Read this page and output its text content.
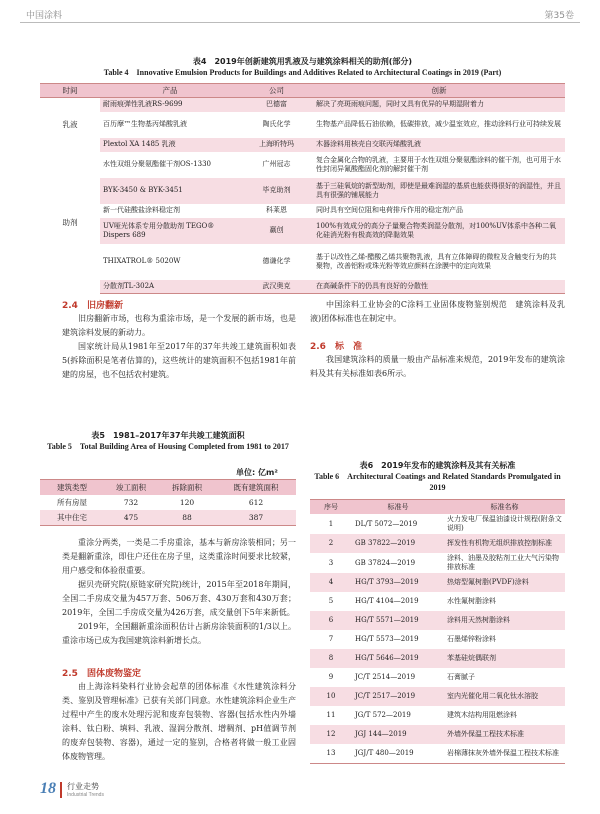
中国涂料	第35卷
表4　2019年创新建筑用乳液及与建筑涂料相关的助剂(部分)
Table 4　Innovative Emulsion Products for Buildings and Additives Related to Architectural Coatings in 2019 (Part)
时间	产品	公司	创新
乳液	耐雨痕弹性乳液RS-9699	巴德富	解决了亮斑雨痕问题，同时又具有优异的早期湿附着力
	百历摩™生物基丙烯酸乳液	陶氏化学	生物基产品降低石油依赖，低碳排放，减少温室效应，推动涂料行业可持续发展
	Plextol XA 1485 乳液	上海昕特玛	木器涂料用核壳自交联丙烯酸乳液
助剂	水性双组分聚氨酯催干剂OS-1330	广州冠志	复合金属化合物的乳液，主要用于水性双组分聚氨酯涂料的催干剂，也可用于水性封闭异氰酸酯固化剂的解封催干剂
	BYK-3450 & BYK-3451	毕克助剂	基于三硅氧烷的新型助剂，即使是最难润湿的基质也能获得很好的润湿性，并且具有很强的铺展能力
	新一代硅酸盐涂料稳定剂	科莱恩	同时具有空间位阻和电荷排斥作用的稳定剂产品
	UV哑光体系专用分散助剂 TEGO® Dispers 689	赢创	100%有效成分的高分子量聚合物类润湿分散剂，对100%UV体系中各种二氧化硅消光粉有极高效的降黏效果
	THIXATROL® 5020W	德谦化学	基于以改性乙烯-醋酸乙烯共聚物乳液，具有立体障碍的微粒及含触变行为的共聚物，改善铝粉或珠光粉等效应颜料在涂膜中的定向效果
	分散剂TL-302A	武汉奥克	在高碱条件下的仍具有良好的分散性
2.4　旧房翻新

旧房翻新市场，也称为重涂市场，是一个发展的新市场，也是建筑涂料发展的新动力。

国家统计局从1981年至2017年的37年共竣工建筑面积如表5(拆除面积是笔者估算的)，这些统计的建筑面积不包括1981年前建的房屋，也不包括农村建筑。

表5　1981–2017年37年共竣工建筑面积
Table 5　Total Building Area of Housing Completed from 1981 to 2017
单位: 亿m²
建筑类型	竣工面积	拆除面积	既有建筑面积
所有房屋	732	120	612
其中住宅	475	88	387

重涂分两类，一类是二手房重涂，基本与新房涂装相同；另一类是翻新重涂，即住户还住在房子里，这类重涂时间要求比较紧，用户感受和体验很重要。

据贝壳研究院(原链家研究院)统计，2015年至2018年期间，全国二手房成交量为457万套、506万套、430万套和430万套；2019年，全国二手房成交量为426万套，成交量创下5年来新低。

2019年，全国翻新重涂面积估计占新房涂装面积的1/3以上。重涂市场已成为我国建筑涂料新增长点。

2.5　固体废物鉴定

由上海涂料染料行业协会起草的团体标准《水性建筑涂料分类、鉴别及管理标准》已获有关部门同意。水性建筑涂料企业生产过程中产生的废水处理污泥和废弃包装物、容器(包括水性内外墙涂料、钛白粉、填料、乳液、湿润分散剂、增稠剂、pH值调节剂的废弃包装物、容器)，通过一定的鉴别，合格者将做一般工业固体废物管理。

中国涂料工业协会的C涂料工业固体废物鉴别规范　建筑涂料及乳液)团体标准也在制定中。

2.6　标　准

我国建筑涂料的质量一般由产品标准来规范，2019年发布的建筑涂料及其有关标准如表6所示。

表6　2019年发布的建筑涂料及其有关标准
Table 6　Architectural Coatings and Related Standards Promulgated in 2019
序号	标准号	标准名称
1	DL/T 5072—2019	火力发电厂保温油漆设计规程(附条文说明)
2	GB 37822—2019	挥发性有机物无组织排放控制标准
3	GB 37824—2019	涂料、油墨及胶粘剂工业大气污染物排放标准
4	HG/T 3793—2019	热熔型氟树脂(PVDF)涂料
5	HG/T 4104—2019	水性氟树脂涂料
6	HG/T 5571—2019	涂料用天然树脂涂料
7	HG/T 5573—2019	石墨烯锌粉涂料
8	HG/T 5646—2019	苯基硅烷偶联剂
9	JC/T 2514—2019	石膏腻子
10	JC/T 2517—2019	室内光催化用二氧化钛水溶胶
11	JG/T 572—2019	建筑木结构用阻燃涂料
12	JGJ 144—2019	外墙外保温工程技术标准
13	JGJ/T 480—2019	岩棉薄抹灰外墙外保温工程技术标准
18 行业走势
Industrial Trends
